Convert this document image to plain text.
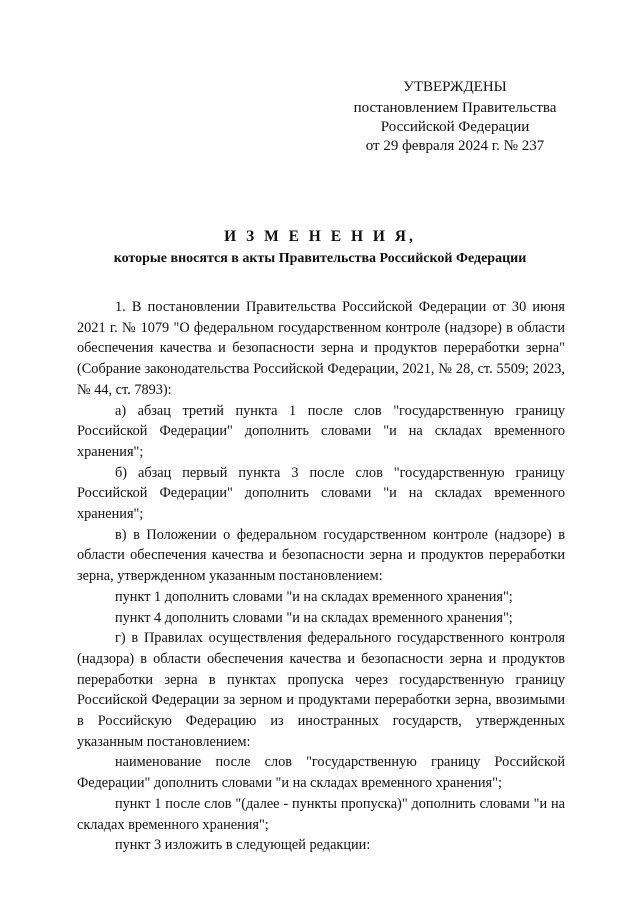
УТВЕРЖДЕНЫ
постановлением Правительства
Российской Федерации
от 29 февраля 2024 г. № 237
И З М Е Н Е Н И Я,
которые вносятся в акты Правительства Российской Федерации

1. В постановлении Правительства Российской Федерации от 30 июня 2021 г. № 1079 "О федеральном государственном контроле (надзоре) в области обеспечения качества и безопасности зерна и продуктов переработки зерна" (Собрание законодательства Российской Федерации, 2021, № 28, ст. 5509; 2023, № 44, ст. 7893):

а) абзац третий пункта 1 после слов "государственную границу Российской Федерации" дополнить словами "и на складах временного хранения";

б) абзац первый пункта 3 после слов "государственную границу Российской Федерации" дополнить словами "и на складах временного хранения";

в) в Положении о федеральном государственном контроле (надзоре) в области обеспечения качества и безопасности зерна и продуктов переработки зерна, утвержденном указанным постановлением:

пункт 1 дополнить словами "и на складах временного хранения";

пункт 4 дополнить словами "и на складах временного хранения";

г) в Правилах осуществления федерального государственного контроля (надзора) в области обеспечения качества и безопасности зерна и продуктов переработки зерна в пунктах пропуска через государственную границу Российской Федерации за зерном и продуктами переработки зерна, ввозимыми в Российскую Федерацию из иностранных государств, утвержденных указанным постановлением:

наименование после слов "государственную границу Российской Федерации" дополнить словами "и на складах временного хранения";

пункт 1 после слов "(далее - пункты пропуска)" дополнить словами "и на складах временного хранения";

пункт 3 изложить в следующей редакции:
